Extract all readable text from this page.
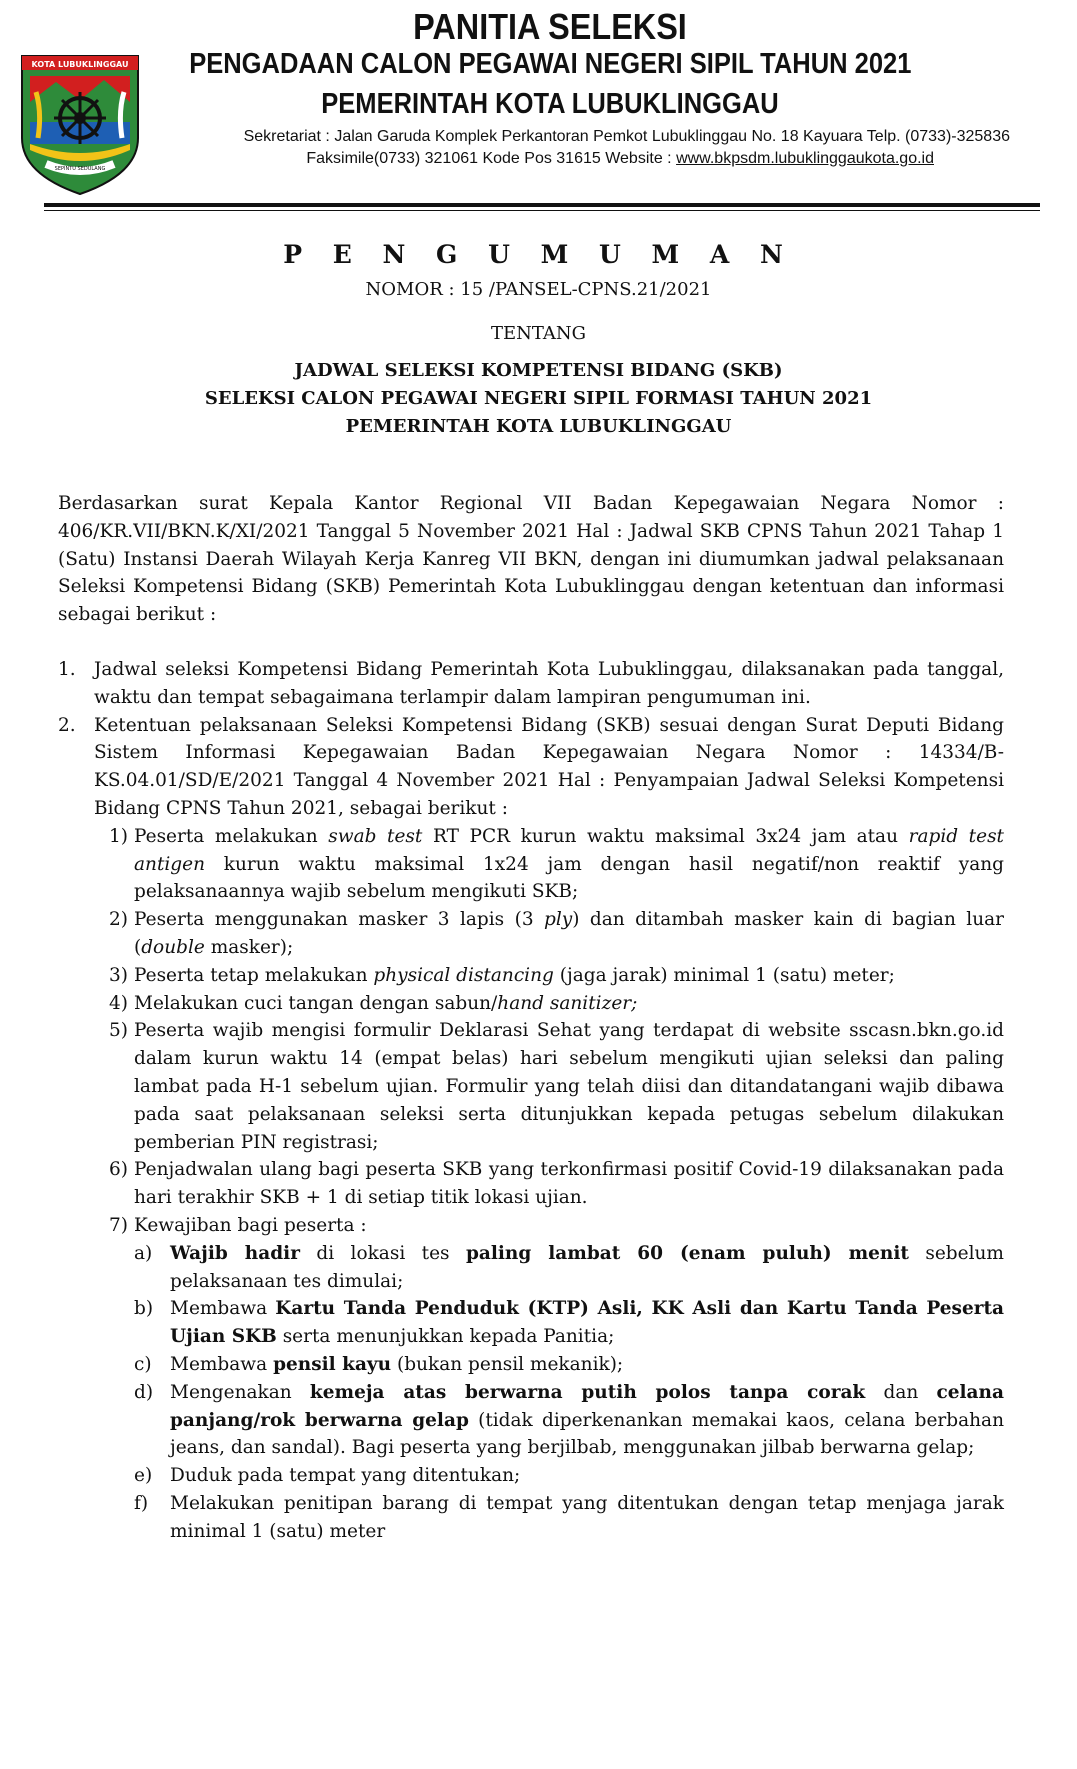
KOTA LUBUKLINGGAU
SEPINTU SEDULANG
PANITIA SELEKSI
PENGADAAN CALON PEGAWAI NEGERI SIPIL TAHUN 2021
PEMERINTAH KOTA LUBUKLINGGAU
Sekretariat : Jalan Garuda Komplek Perkantoran Pemkot Lubuklinggau No. 18 Kayuara Telp. (0733)-325836
Faksimile(0733) 321061 Kode Pos 31615 Website : www.bkpsdm.lubuklinggaukota.go.id
P E N G U M U M A N
NOMOR : 15 /PANSEL-CPNS.21/2021
TENTANG
JADWAL SELEKSI KOMPETENSI BIDANG (SKB)
SELEKSI CALON PEGAWAI NEGERI SIPIL FORMASI TAHUN 2021
PEMERINTAH KOTA LUBUKLINGGAU

Berdasarkan surat Kepala Kantor Regional VII Badan Kepegawaian Negara Nomor : 406/KR.VII/BKN.K/XI/2021 Tanggal 5 November 2021 Hal : Jadwal SKB CPNS Tahun 2021 Tahap 1 (Satu) Instansi Daerah Wilayah Kerja Kanreg VII BKN, dengan ini diumumkan jadwal pelaksanaan Seleksi Kompetensi Bidang (SKB) Pemerintah Kota Lubuklinggau dengan ketentuan dan informasi sebagai berikut :

1. Jadwal seleksi Kompetensi Bidang Pemerintah Kota Lubuklinggau, dilaksanakan pada tanggal, waktu dan tempat sebagaimana terlampir dalam lampiran pengumuman ini.
2. Ketentuan pelaksanaan Seleksi Kompetensi Bidang (SKB) sesuai dengan Surat Deputi Bidang Sistem Informasi Kepegawaian Badan Kepegawaian Negara Nomor : 14334/B-KS.04.01/SD/E/2021 Tanggal 4 November 2021 Hal : Penyampaian Jadwal Seleksi Kompetensi Bidang CPNS Tahun 2021, sebagai berikut :
1) Peserta melakukan swab test RT PCR kurun waktu maksimal 3x24 jam atau rapid test antigen kurun waktu maksimal 1x24 jam dengan hasil negatif/non reaktif yang pelaksanaannya wajib sebelum mengikuti SKB;
2) Peserta menggunakan masker 3 lapis (3 ply) dan ditambah masker kain di bagian luar (double masker);
3) Peserta tetap melakukan physical distancing (jaga jarak) minimal 1 (satu) meter;
4) Melakukan cuci tangan dengan sabun/hand sanitizer;
5) Peserta wajib mengisi formulir Deklarasi Sehat yang terdapat di website sscasn.bkn.go.id dalam kurun waktu 14 (empat belas) hari sebelum mengikuti ujian seleksi dan paling lambat pada H-1 sebelum ujian. Formulir yang telah diisi dan ditandatangani wajib dibawa pada saat pelaksanaan seleksi serta ditunjukkan kepada petugas sebelum dilakukan pemberian PIN registrasi;
6) Penjadwalan ulang bagi peserta SKB yang terkonfirmasi positif Covid-19 dilaksanakan pada hari terakhir SKB + 1 di setiap titik lokasi ujian.
7) Kewajiban bagi peserta :
a) Wajib hadir di lokasi tes paling lambat 60 (enam puluh) menit sebelum pelaksanaan tes dimulai;
b) Membawa Kartu Tanda Penduduk (KTP) Asli, KK Asli dan Kartu Tanda Peserta Ujian SKB serta menunjukkan kepada Panitia;
c) Membawa pensil kayu (bukan pensil mekanik);
d) Mengenakan kemeja atas berwarna putih polos tanpa corak dan celana panjang/rok berwarna gelap (tidak diperkenankan memakai kaos, celana berbahan jeans, dan sandal). Bagi peserta yang berjilbab, menggunakan jilbab berwarna gelap;
e) Duduk pada tempat yang ditentukan;
f)	Melakukan penitipan barang di tempat yang ditentukan dengan tetap menjaga jarak minimal 1 (satu) meter
